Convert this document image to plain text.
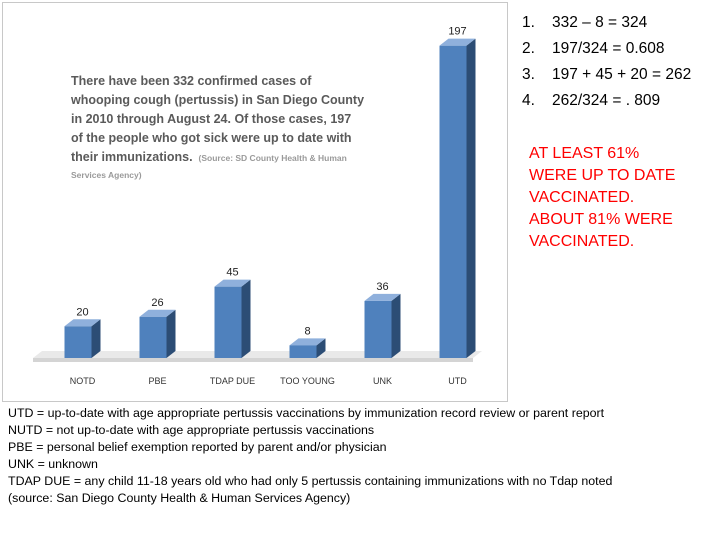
20
NOTD
26
PBE
45
TDAP DUE
8
TOO YOUNG
36
UNK
197
UTD
There have been 332 confirmed cases of
whooping cough (pertussis) in San Diego County
in 2010 through August 24. Of those cases, 197
of the people who got sick were up to date with
their immunizations. (Source: SD County Health & Human
Services Agency)
1. 332 – 8 = 324
2. 197/324 = 0.608
3. 197 + 45 + 20 = 262
4. 262/324 = . 809
AT LEAST 61%
WERE UP TO DATE
VACCINATED.
ABOUT 81% WERE
VACCINATED.
UTD = up-to-date with age appropriate pertussis vaccinations by immunization record review or parent report
NUTD = not up-to-date with age appropriate pertussis vaccinations
PBE = personal belief exemption reported by parent and/or physician
UNK = unknown
TDAP DUE = any child 11-18 years old who had only 5 pertussis containing immunizations with no Tdap noted
(source: San Diego County Health & Human Services Agency)
